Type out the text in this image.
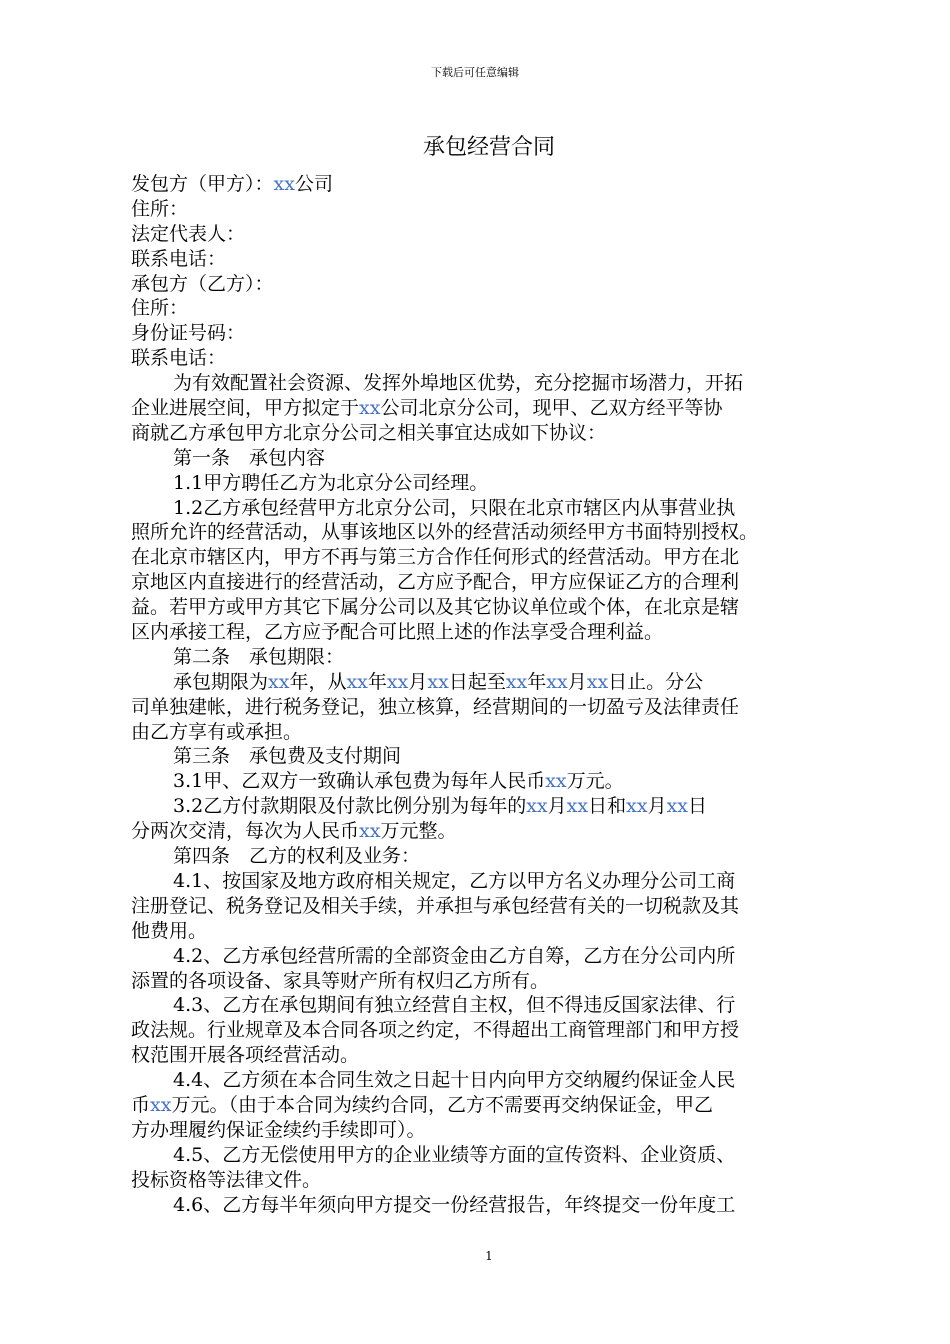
下载后可任意编辑
承包经营合同
发包方（甲方）：xx公司
住所：
法定代表人：
联系电话：
承包方（乙方）：
住所：
身份证号码：
联系电话：
为有效配置社会资源、发挥外埠地区优势，充分挖掘市场潜力，开拓
企业进展空间，甲方拟定于xx公司北京分公司，现甲、乙双方经平等协
商就乙方承包甲方北京分公司之相关事宜达成如下协议：
第一条　承包内容
1.1甲方聘任乙方为北京分公司经理。
1.2乙方承包经营甲方北京分公司，只限在北京市辖区内从事营业执
照所允许的经营活动，从事该地区以外的经营活动须经甲方书面特别授权。
在北京市辖区内，甲方不再与第三方合作任何形式的经营活动。甲方在北
京地区内直接进行的经营活动，乙方应予配合，甲方应保证乙方的合理利
益。若甲方或甲方其它下属分公司以及其它协议单位或个体，在北京是辖
区内承接工程，乙方应予配合可比照上述的作法享受合理利益。
第二条　承包期限：
承包期限为xx年，从xx年xx月xx日起至xx年xx月xx日止。分公
司单独建帐，进行税务登记，独立核算，经营期间的一切盈亏及法律责任
由乙方享有或承担。
第三条　承包费及支付期间
3.1甲、乙双方一致确认承包费为每年人民币xx万元。
3.2乙方付款期限及付款比例分别为每年的xx月xx日和xx月xx日
分两次交清，每次为人民币xx万元整。
第四条　乙方的权利及业务：
4.1、按国家及地方政府相关规定，乙方以甲方名义办理分公司工商
注册登记、税务登记及相关手续，并承担与承包经营有关的一切税款及其
他费用。
4.2、乙方承包经营所需的全部资金由乙方自筹，乙方在分公司内所
添置的各项设备、家具等财产所有权归乙方所有。
4.3、乙方在承包期间有独立经营自主权，但不得违反国家法律、行
政法规。行业规章及本合同各项之约定，不得超出工商管理部门和甲方授
权范围开展各项经营活动。
4.4、乙方须在本合同生效之日起十日内向甲方交纳履约保证金人民
币xx万元。（由于本合同为续约合同，乙方不需要再交纳保证金，甲乙
方办理履约保证金续约手续即可）。
4.5、乙方无偿使用甲方的企业业绩等方面的宣传资料、企业资质、
投标资格等法律文件。
4.6、乙方每半年须向甲方提交一份经营报告，年终提交一份年度工
1
